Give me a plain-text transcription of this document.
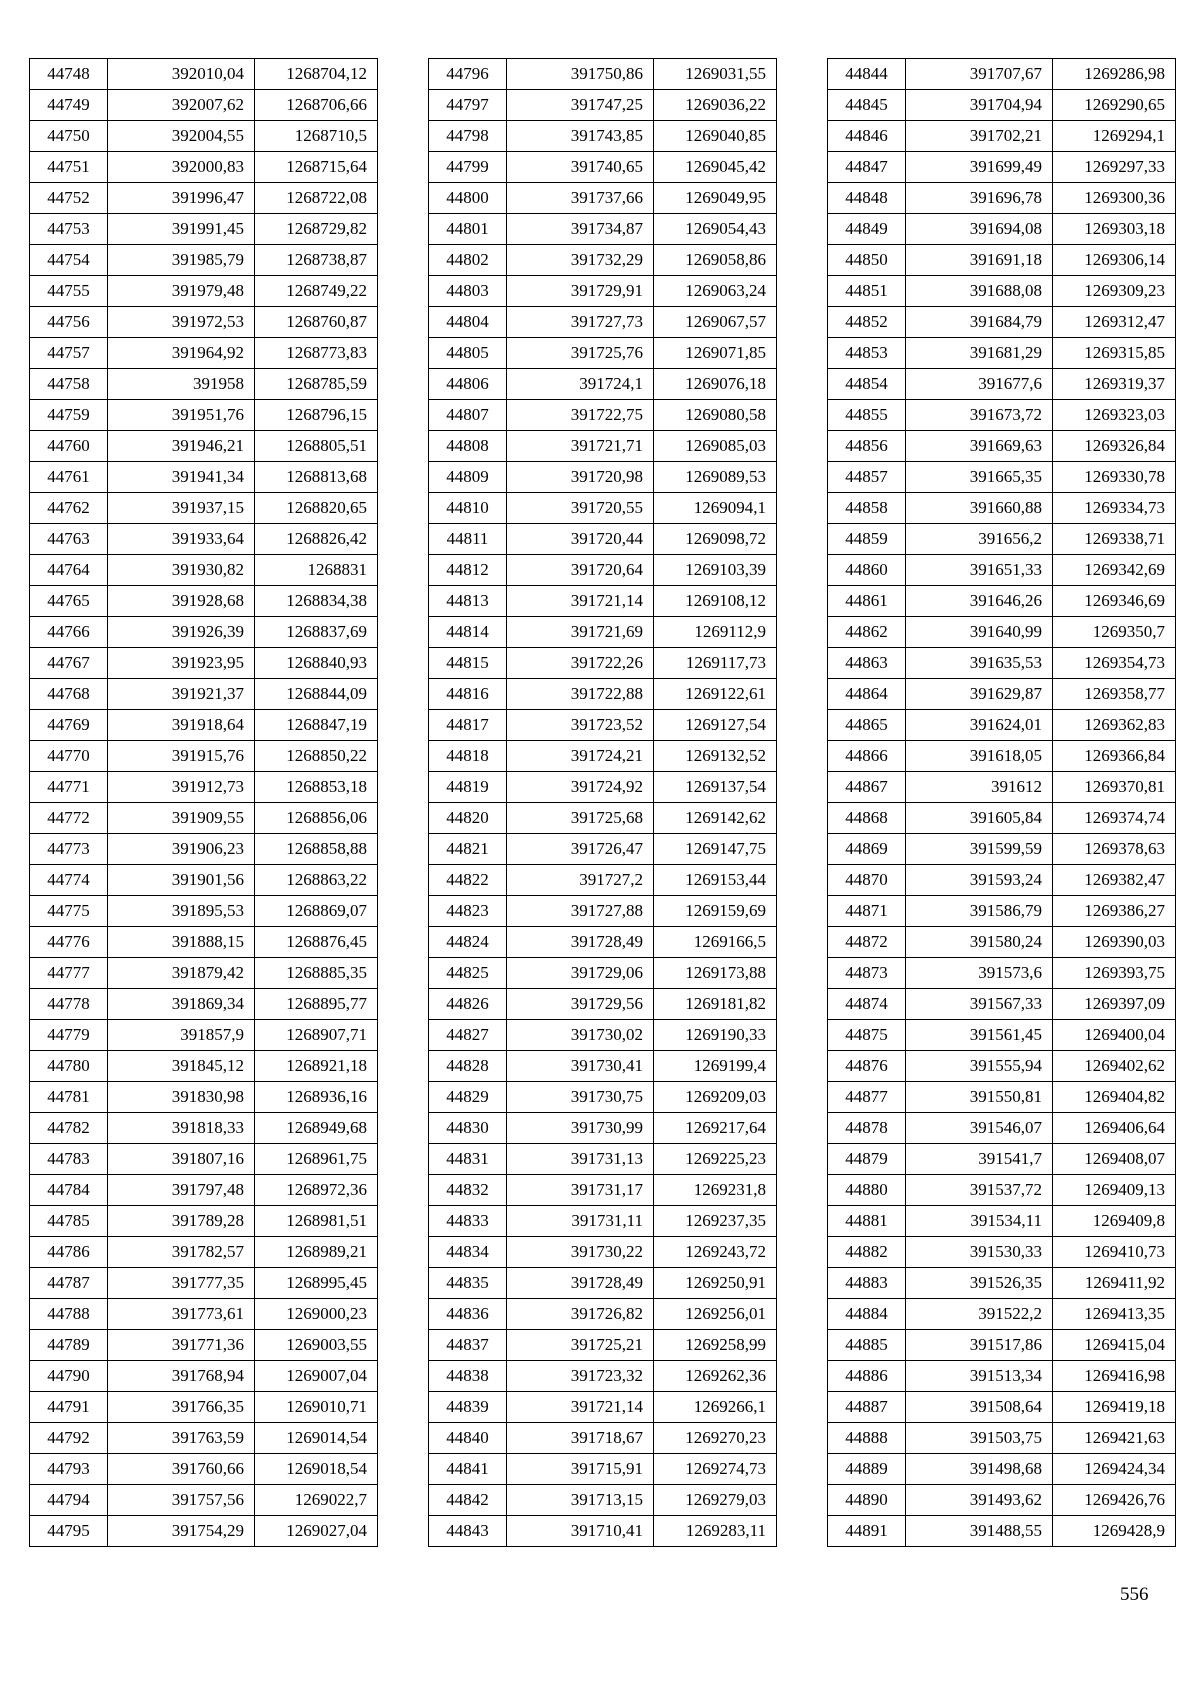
44748	392010,04	1268704,12
44749	392007,62	1268706,66
44750	392004,55	1268710,5
44751	392000,83	1268715,64
44752	391996,47	1268722,08
44753	391991,45	1268729,82
44754	391985,79	1268738,87
44755	391979,48	1268749,22
44756	391972,53	1268760,87
44757	391964,92	1268773,83
44758	391958	1268785,59
44759	391951,76	1268796,15
44760	391946,21	1268805,51
44761	391941,34	1268813,68
44762	391937,15	1268820,65
44763	391933,64	1268826,42
44764	391930,82	1268831
44765	391928,68	1268834,38
44766	391926,39	1268837,69
44767	391923,95	1268840,93
44768	391921,37	1268844,09
44769	391918,64	1268847,19
44770	391915,76	1268850,22
44771	391912,73	1268853,18
44772	391909,55	1268856,06
44773	391906,23	1268858,88
44774	391901,56	1268863,22
44775	391895,53	1268869,07
44776	391888,15	1268876,45
44777	391879,42	1268885,35
44778	391869,34	1268895,77
44779	391857,9	1268907,71
44780	391845,12	1268921,18
44781	391830,98	1268936,16
44782	391818,33	1268949,68
44783	391807,16	1268961,75
44784	391797,48	1268972,36
44785	391789,28	1268981,51
44786	391782,57	1268989,21
44787	391777,35	1268995,45
44788	391773,61	1269000,23
44789	391771,36	1269003,55
44790	391768,94	1269007,04
44791	391766,35	1269010,71
44792	391763,59	1269014,54
44793	391760,66	1269018,54
44794	391757,56	1269022,7
44795	391754,29	1269027,04
44796	391750,86	1269031,55
44797	391747,25	1269036,22
44798	391743,85	1269040,85
44799	391740,65	1269045,42
44800	391737,66	1269049,95
44801	391734,87	1269054,43
44802	391732,29	1269058,86
44803	391729,91	1269063,24
44804	391727,73	1269067,57
44805	391725,76	1269071,85
44806	391724,1	1269076,18
44807	391722,75	1269080,58
44808	391721,71	1269085,03
44809	391720,98	1269089,53
44810	391720,55	1269094,1
44811	391720,44	1269098,72
44812	391720,64	1269103,39
44813	391721,14	1269108,12
44814	391721,69	1269112,9
44815	391722,26	1269117,73
44816	391722,88	1269122,61
44817	391723,52	1269127,54
44818	391724,21	1269132,52
44819	391724,92	1269137,54
44820	391725,68	1269142,62
44821	391726,47	1269147,75
44822	391727,2	1269153,44
44823	391727,88	1269159,69
44824	391728,49	1269166,5
44825	391729,06	1269173,88
44826	391729,56	1269181,82
44827	391730,02	1269190,33
44828	391730,41	1269199,4
44829	391730,75	1269209,03
44830	391730,99	1269217,64
44831	391731,13	1269225,23
44832	391731,17	1269231,8
44833	391731,11	1269237,35
44834	391730,22	1269243,72
44835	391728,49	1269250,91
44836	391726,82	1269256,01
44837	391725,21	1269258,99
44838	391723,32	1269262,36
44839	391721,14	1269266,1
44840	391718,67	1269270,23
44841	391715,91	1269274,73
44842	391713,15	1269279,03
44843	391710,41	1269283,11
44844	391707,67	1269286,98
44845	391704,94	1269290,65
44846	391702,21	1269294,1
44847	391699,49	1269297,33
44848	391696,78	1269300,36
44849	391694,08	1269303,18
44850	391691,18	1269306,14
44851	391688,08	1269309,23
44852	391684,79	1269312,47
44853	391681,29	1269315,85
44854	391677,6	1269319,37
44855	391673,72	1269323,03
44856	391669,63	1269326,84
44857	391665,35	1269330,78
44858	391660,88	1269334,73
44859	391656,2	1269338,71
44860	391651,33	1269342,69
44861	391646,26	1269346,69
44862	391640,99	1269350,7
44863	391635,53	1269354,73
44864	391629,87	1269358,77
44865	391624,01	1269362,83
44866	391618,05	1269366,84
44867	391612	1269370,81
44868	391605,84	1269374,74
44869	391599,59	1269378,63
44870	391593,24	1269382,47
44871	391586,79	1269386,27
44872	391580,24	1269390,03
44873	391573,6	1269393,75
44874	391567,33	1269397,09
44875	391561,45	1269400,04
44876	391555,94	1269402,62
44877	391550,81	1269404,82
44878	391546,07	1269406,64
44879	391541,7	1269408,07
44880	391537,72	1269409,13
44881	391534,11	1269409,8
44882	391530,33	1269410,73
44883	391526,35	1269411,92
44884	391522,2	1269413,35
44885	391517,86	1269415,04
44886	391513,34	1269416,98
44887	391508,64	1269419,18
44888	391503,75	1269421,63
44889	391498,68	1269424,34
44890	391493,62	1269426,76
44891	391488,55	1269428,9
556
